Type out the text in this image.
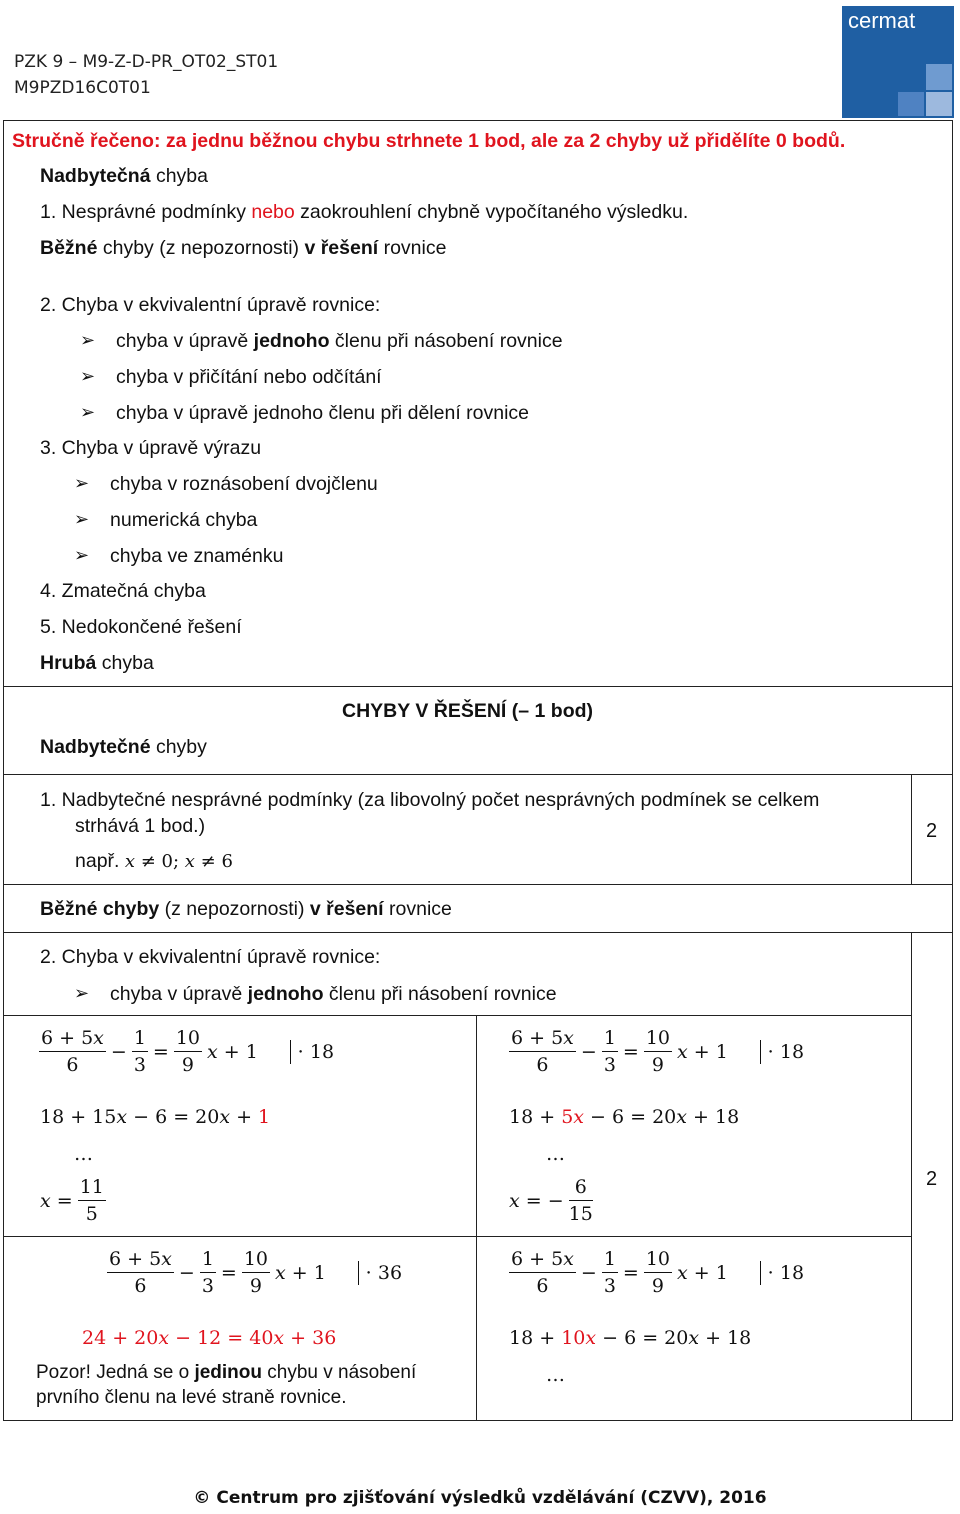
PZK 9 – M9-Z-D-PR_OT02_ST01
M9PZD16C0T01
cermat
Stručně řečeno: za jednu běžnou chybu strhnete 1 bod, ale za 2 chyby už přidělíte 0 bodů.
Nadbytečná chyba
1. Nesprávné podmínky nebo zaokrouhlení chybně vypočítaného výsledku.
Běžné chyby (z nepozornosti) v řešení rovnice
2. Chyba v ekvivalentní úpravě rovnice:
➢ chyba v úpravě jednoho členu při násobení rovnice
➢ chyba v přičítání nebo odčítání
➢ chyba v úpravě jednoho členu při dělení rovnice
3. Chyba v úpravě výrazu
➢ chyba v roznásobení dvojčlenu
➢ numerická chyba
➢ chyba ve znaménku
4. Zmatečná chyba
5. Nedokončené řešení
Hrubá chyba
CHYBY V ŘEŠENÍ (– 1 bod)
Nadbytečné chyby
1. Nadbytečné nesprávné podmínky (za libovolný počet nesprávných podmínek se celkem
strhává 1 bod.)
např. 𝑥 ≠ 0; 𝑥 ≠ 6
2
Běžné chyby (z nepozornosti) v řešení rovnice
2. Chyba v ekvivalentní úpravě rovnice:
➢ chyba v úpravě jednoho členu při násobení rovnice
2
$\frac{\text{6 + 5𝑥}}{6} - \frac{1}{3} = \frac{10}{9}$ 𝑥 + 1 ⋅ 18
18 + 15𝑥 − 6 = 20𝑥 + 1
…
𝑥 = $\frac{11}{5}$
$\frac{\text{6 + 5𝑥}}{6} - \frac{1}{3} = \frac{10}{9}$ 𝑥 + 1 ⋅ 18
18 + 5𝑥 − 6 = 20𝑥 + 18
…
𝑥 = − $\frac{6}{15}$
$\frac{\text{6 + 5𝑥}}{6} - \frac{1}{3} = \frac{10}{9}$ 𝑥 + 1 ⋅ 36
24 + 20𝑥 − 12 = 40𝑥 + 36
Pozor! Jedná se o jedinou chybu v násobení
prvního členu na levé straně rovnice.
$\frac{\text{6 + 5𝑥}}{6} - \frac{1}{3} = \frac{10}{9}$ 𝑥 + 1 ⋅ 18
18 + 10𝑥 − 6 = 20𝑥 + 18
…
© Centrum pro zjišťování výsledků vzdělávání (CZVV), 2016
